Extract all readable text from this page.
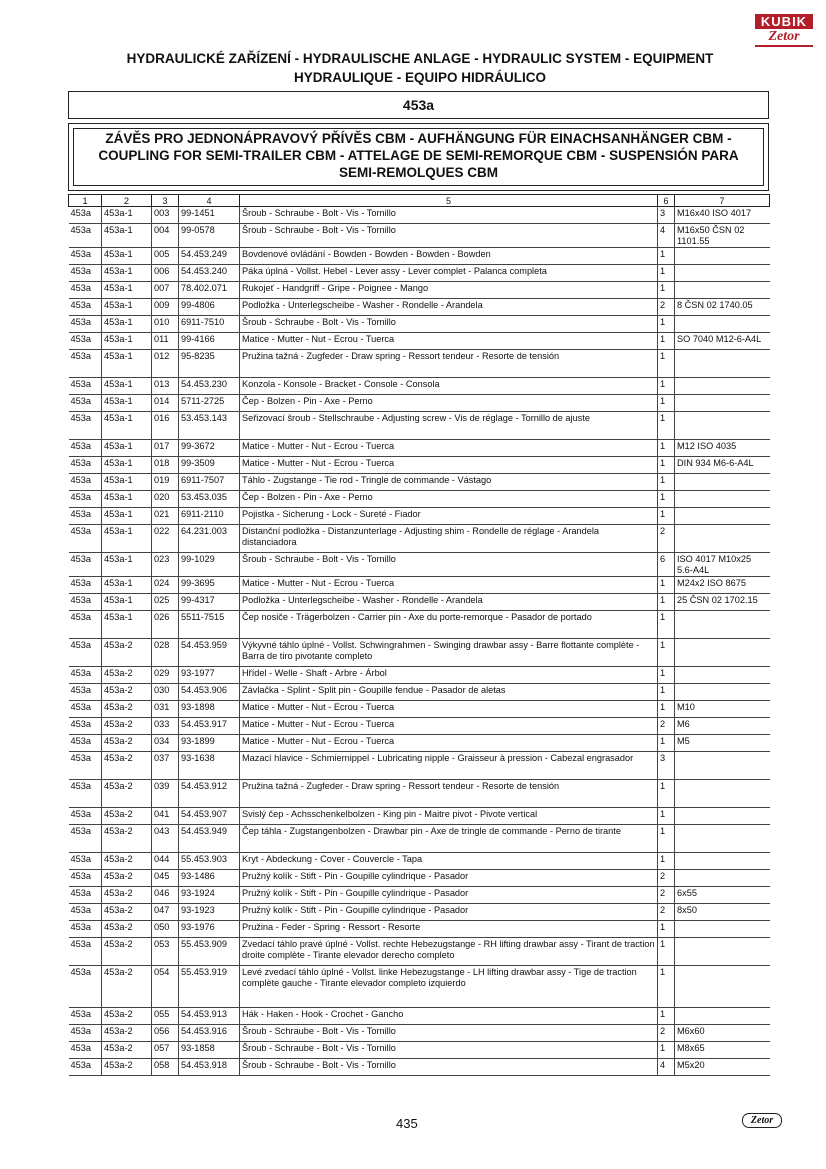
KUBIK
Zetor
HYDRAULICKÉ ZAŘÍZENÍ - HYDRAULISCHE ANLAGE - HYDRAULIC SYSTEM - EQUIPMENT
HYDRAULIQUE - EQUIPO HIDRÁULICO
453a
ZÁVĚS PRO JEDNONÁPRAVOVÝ PŘÍVĚS CBM - AUFHÄNGUNG FÜR EINACHSANHÄNGER CBM -
COUPLING FOR SEMI-TRAILER CBM - ATTELAGE DE SEMI-REMORQUE CBM - SUSPENSIÓN PARA
SEMI-REMOLQUES CBM
1	2	3	4	5	6	7
453a	453a-1	003	99-1451	Šroub - Schraube - Bolt - Vis - Tornillo	3	M16x40 ISO 4017
453a	453a-1	004	99-0578	Šroub - Schraube - Bolt - Vis - Tornillo	4	M16x50 ČSN 02 1101.55
453a	453a-1	005	54.453.249	Bovdenové ovládání - Bowden - Bowden - Bowden - Bowden	1	
453a	453a-1	006	54.453.240	Páka úplná - Vollst. Hebel - Lever assy - Lever complet - Palanca completa	1	
453a	453a-1	007	78.402.071	Rukojeť - Handgriff - Gripe - Poignee - Mango	1	
453a	453a-1	009	99-4806	Podložka - Unterlegscheibe - Washer - Rondelle - Arandela	2	8 ČSN 02 1740.05
453a	453a-1	010	6911-7510	Šroub - Schraube - Bolt - Vis - Tornillo	1	
453a	453a-1	011	99-4166	Matice - Mutter - Nut - Ecrou - Tuerca	1	SO 7040 M12-6-A4L
453a	453a-1	012	95-8235	Pružina tažná - Zugfeder - Draw spring - Ressort tendeur - Resorte de tensión	1	
453a	453a-1	013	54.453.230	Konzola - Konsole - Bracket - Console - Consola	1	
453a	453a-1	014	5711-2725	Čep - Bolzen - Pin - Axe - Perno	1	
453a	453a-1	016	53.453.143	Seřizovací šroub - Stellschraube - Adjusting screw - Vis de réglage - Tornillo de ajuste	1	
453a	453a-1	017	99-3672	Matice - Mutter - Nut - Ecrou - Tuerca	1	M12 ISO 4035
453a	453a-1	018	99-3509	Matice - Mutter - Nut - Ecrou - Tuerca	1	DIN 934 M6-6-A4L
453a	453a-1	019	6911-7507	Táhlo - Zugstange - Tie rod - Tringle de commande - Vástago	1	
453a	453a-1	020	53.453.035	Čep - Bolzen - Pin - Axe - Perno	1	
453a	453a-1	021	6911-2110	Pojistka - Sicherung - Lock - Sureté - Fiador	1	
453a	453a-1	022	64.231.003	Distanční podložka - Distanzunterlage - Adjusting shim - Rondelle de réglage - Arandela distanciadora	2	
453a	453a-1	023	99-1029	Šroub - Schraube - Bolt - Vis - Tornillo	6	ISO 4017 M10x25 5.6-A4L
453a	453a-1	024	99-3695	Matice - Mutter - Nut - Ecrou - Tuerca	1	M24x2 ISO 8675
453a	453a-1	025	99-4317	Podložka - Unterlegscheibe - Washer - Rondelle - Arandela	1	25 ČSN 02 1702.15
453a	453a-1	026	5511-7515	Čep nosiče - Trägerbolzen - Carrier pin - Axe du porte-remorque - Pasador de portado	1	
453a	453a-2	028	54.453.959	Výkyvné táhlo úplné - Vollst. Schwingrahmen - Swinging drawbar assy - Barre flottante complète - Barra de tiro pivotante completo	1	
453a	453a-2	029	93-1977	Hřídel - Welle - Shaft - Arbre - Árbol	1	
453a	453a-2	030	54.453.906	Závlačka - Splint - Split pin - Goupille fendue - Pasador de aletas	1	
453a	453a-2	031	93-1898	Matice - Mutter - Nut - Ecrou - Tuerca	1	M10
453a	453a-2	033	54.453.917	Matice - Mutter - Nut - Ecrou - Tuerca	2	M6
453a	453a-2	034	93-1899	Matice - Mutter - Nut - Ecrou - Tuerca	1	M5
453a	453a-2	037	93-1638	Mazací hlavice - Schmiernippel - Lubricating nipple - Graisseur à pression - Cabezal engrasador	3	
453a	453a-2	039	54.453.912	Pružina tažná - Zugfeder - Draw spring - Ressort tendeur - Resorte de tensión	1	
453a	453a-2	041	54.453.907	Svislý čep - Achsschenkelbolzen - King pin - Maitre pivot - Pivote vertical	1	
453a	453a-2	043	54.453.949	Čep táhla - Zugstangenbolzen - Drawbar pin - Axe de tringle de commande - Perno de tirante	1	
453a	453a-2	044	55.453.903	Kryt - Abdeckung - Cover - Couvercle - Tapa	1	
453a	453a-2	045	93-1486	Pružný kolík - Stift - Pin - Goupille cylindrique - Pasador	2	
453a	453a-2	046	93-1924	Pružný kolík - Stift - Pin - Goupille cylindrique - Pasador	2	6x55
453a	453a-2	047	93-1923	Pružný kolík - Stift - Pin - Goupille cylindrique - Pasador	2	8x50
453a	453a-2	050	93-1976	Pružina - Feder - Spring - Ressort - Resorte	1	
453a	453a-2	053	55.453.909	Zvedací táhlo pravé úplné - Vollst. rechte Hebezugstange - RH lifting drawbar assy - Tirant de traction droite complète - Tirante elevador derecho completo	1	
453a	453a-2	054	55.453.919	Levé zvedací táhlo úplné - Vollst. linke Hebezugstange - LH lifting drawbar assy - Tige de traction complète gauche - Tirante elevador completo izquierdo	1	
453a	453a-2	055	54.453.913	Hák - Haken - Hook - Crochet - Gancho	1	
453a	453a-2	056	54.453.916	Šroub - Schraube - Bolt - Vis - Tornillo	2	M6x60
453a	453a-2	057	93-1858	Šroub - Schraube - Bolt - Vis - Tornillo	1	M8x65
453a	453a-2	058	54.453.918	Šroub - Schraube - Bolt - Vis - Tornillo	4	M5x20
435	Zetor
